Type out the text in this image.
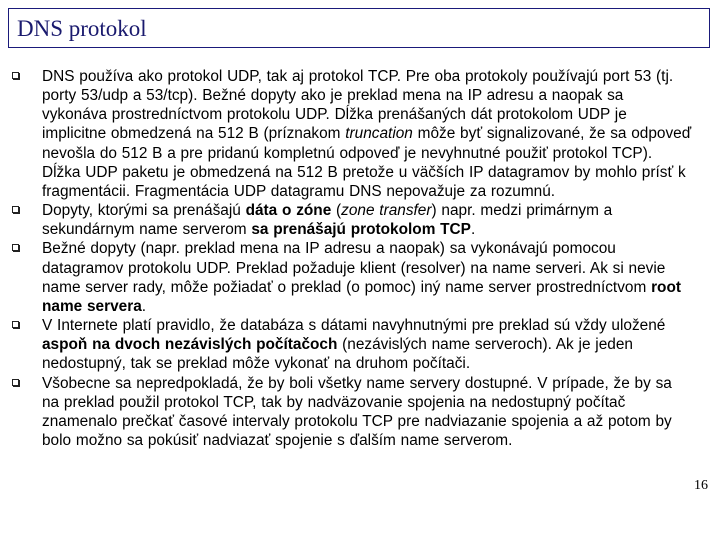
DNS protokol
DNS používa ako protokol UDP, tak aj protokol TCP. Pre oba protokoly používajú port 53 (tj. porty 53/udp a 53/tcp). Bežné dopyty ako je preklad mena na IP adresu a naopak sa vykonáva prostredníctvom protokolu UDP. Dĺžka prenášaných dát protokolom UDP je implicitne obmedzená na 512 B (príznakom truncation môže byť signalizované, že sa odpoveď nevošla do 512 B a pre pridanú kompletnú odpoveď je nevyhnutné použiť protokol TCP). Dĺžka UDP paketu je obmedzená na 512 B pretože u väčších IP datagramov by mohlo prísť k fragmentácii. Fragmentácia UDP datagramu DNS nepovažuje za rozumnú.
Dopyty, ktorými sa prenášajú dáta o zóne (zone transfer) napr. medzi primárnym a sekundárnym name serverom sa prenášajú protokolom TCP.
Bežné dopyty (napr. preklad mena na IP adresu a naopak) sa vykonávajú pomocou datagramov protokolu UDP. Preklad požaduje klient (resolver) na name serveri. Ak si nevie name server rady, môže požiadať o preklad (o pomoc) iný name server prostredníctvom root name servera.
V Internete platí pravidlo, že databáza s dátami navyhnutnými pre preklad sú vždy uložené aspoň na dvoch nezávislých počítačoch (nezávislých name serveroch). Ak je jeden nedostupný, tak se preklad môže vykonať na druhom počítači.
Všobecne sa nepredpokladá, že by boli všetky name servery dostupné. V prípade, že by sa na preklad použil protokol TCP, tak by nadväzovanie spojenia na nedostupný počítač znamenalo prečkať časové intervaly protokolu TCP pre nadviazanie spojenia a až potom by bolo možno sa pokúsiť nadviazať spojenie s ďalším name serverom.
16
